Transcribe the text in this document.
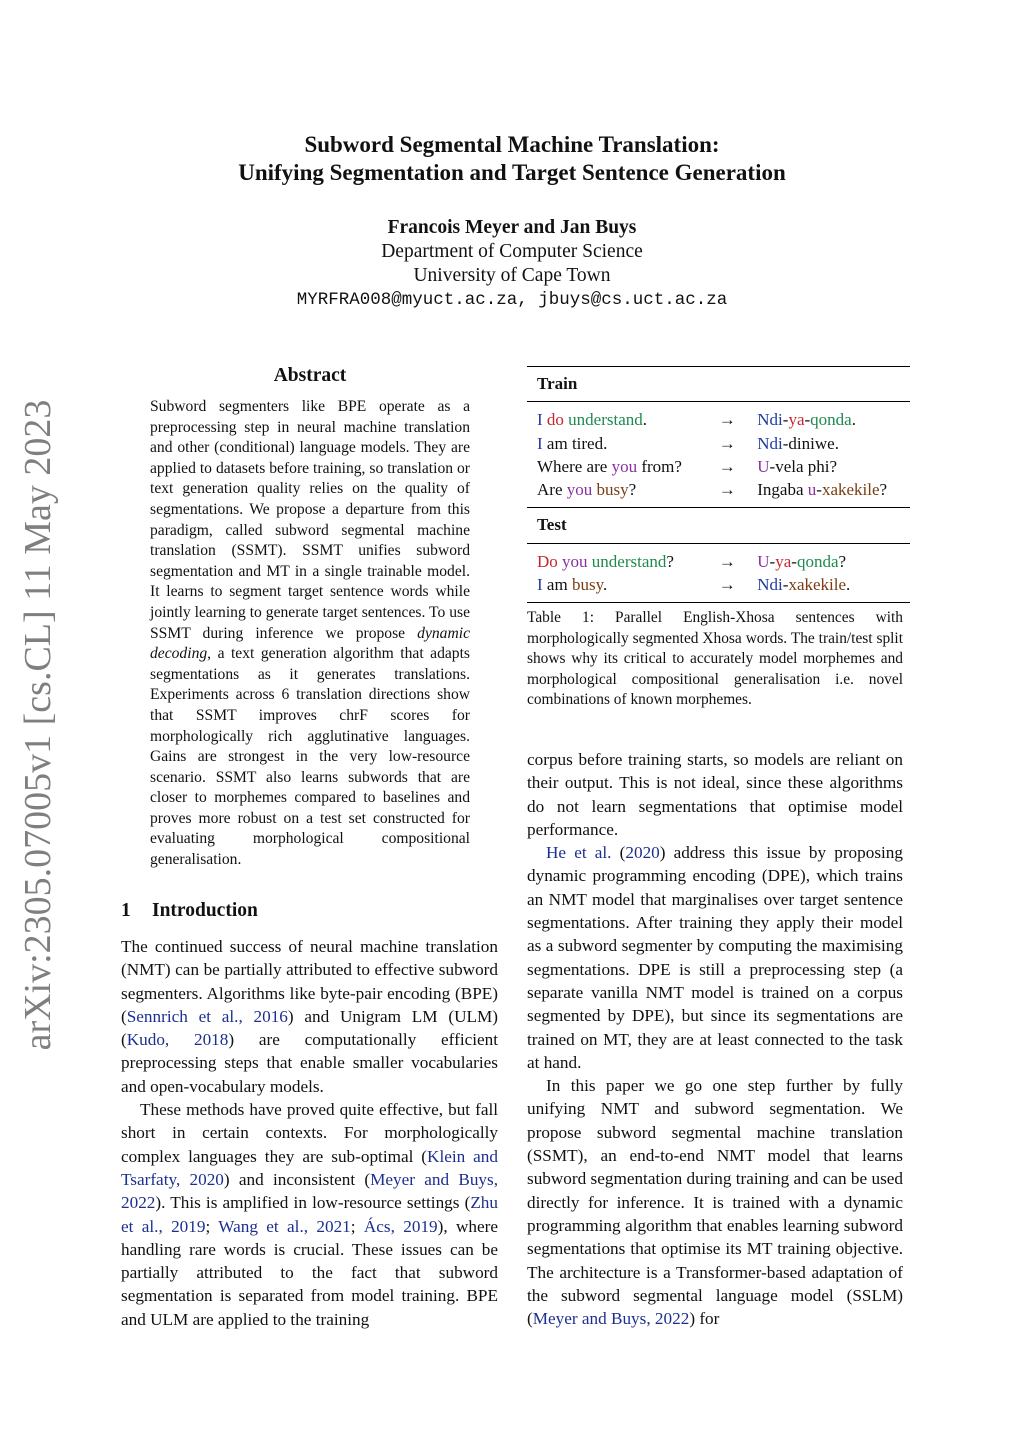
arXiv:2305.07005v1 [cs.CL] 11 May 2023
Subword Segmental Machine Translation:
Unifying Segmentation and Target Sentence Generation
Francois Meyer and Jan Buys
Department of Computer Science
University of Cape Town
MYRFRA008@myuct.ac.za, jbuys@cs.uct.ac.za
Abstract
Subword segmenters like BPE operate as a preprocessing step in neural machine translation and other (conditional) language models. They are applied to datasets before training, so translation or text generation quality relies on the quality of segmentations. We propose a departure from this paradigm, called subword segmental machine translation (SSMT). SSMT unifies subword segmentation and MT in a single trainable model. It learns to segment target sentence words while jointly learning to generate target sentences. To use SSMT during inference we propose dynamic decoding, a text generation algorithm that adapts segmentations as it generates translations. Experiments across 6 translation directions show that SSMT improves chrF scores for morphologically rich agglutinative languages. Gains are strongest in the very low-resource scenario. SSMT also learns subwords that are closer to morphemes compared to baselines and proves more robust on a test set constructed for evaluating morphological compositional generalisation.
1 Introduction

The continued success of neural machine translation (NMT) can be partially attributed to effective subword segmenters. Algorithms like byte-pair encoding (BPE) (Sennrich et al., 2016) and Unigram LM (ULM) (Kudo, 2018) are computationally efficient preprocessing steps that enable smaller vocabularies and open-vocabulary models.

These methods have proved quite effective, but fall short in certain contexts. For morphologically complex languages they are sub-optimal (Klein and Tsarfaty, 2020) and inconsistent (Meyer and Buys, 2022). This is amplified in low-resource settings (Zhu et al., 2019; Wang et al., 2021; Ács, 2019), where handling rare words is crucial. These issues can be partially attributed to the fact that subword segmentation is separated from model training. BPE and ULM are applied to the training

Train		
I do understand.	→	Ndi-ya-qonda.
I am tired.	→	Ndi-diniwe.
Where are you from?	→	U-vela phi?
Are you busy?	→	Ingaba u-xakekile?
Test		
Do you understand?	→	U-ya-qonda?
I am busy.	→	Ndi-xakekile.
Table 1: Parallel English-Xhosa sentences with morphologically segmented Xhosa words. The train/test split shows why its critical to accurately model morphemes and morphological compositional generalisation i.e. novel combinations of known morphemes.

corpus before training starts, so models are reliant on their output. This is not ideal, since these algorithms do not learn segmentations that optimise model performance.

He et al. (2020) address this issue by proposing dynamic programming encoding (DPE), which trains an NMT model that marginalises over target sentence segmentations. After training they apply their model as a subword segmenter by computing the maximising segmentations. DPE is still a preprocessing step (a separate vanilla NMT model is trained on a corpus segmented by DPE), but since its segmentations are trained on MT, they are at least connected to the task at hand.

In this paper we go one step further by fully unifying NMT and subword segmentation. We propose subword segmental machine translation (SSMT), an end-to-end NMT model that learns subword segmentation during training and can be used directly for inference. It is trained with a dynamic programming algorithm that enables learning subword segmentations that optimise its MT training objective. The architecture is a Transformer-based adaptation of the subword segmental language model (SSLM) (Meyer and Buys, 2022) for
